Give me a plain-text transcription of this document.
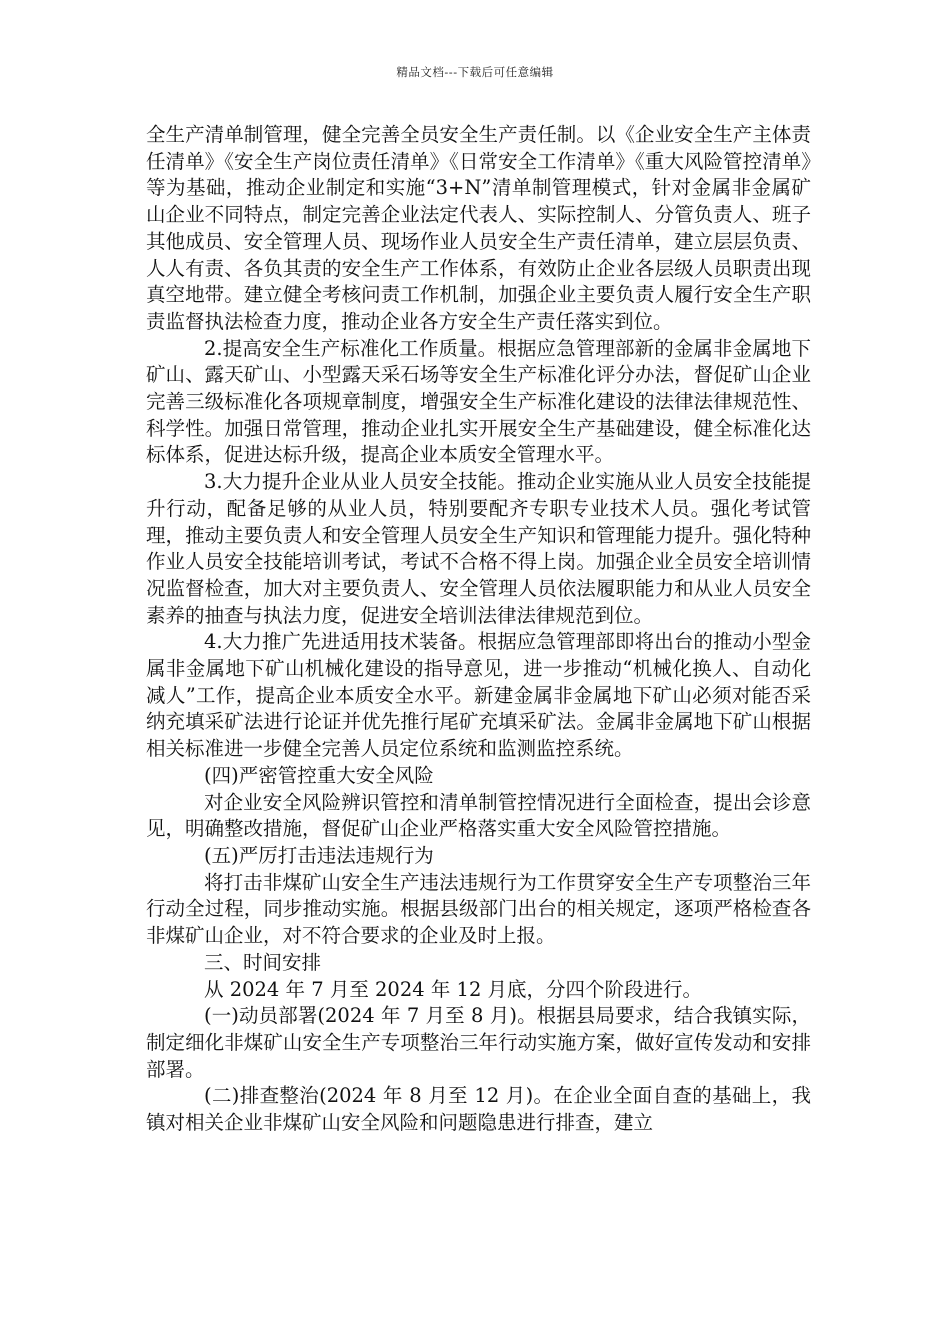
精品文档---下载后可任意编辑

全生产清单制管理，健全完善全员安全生产责任制。以《企业安全生产主体责任清单》《安全生产岗位责任清单》《日常安全工作清单》《重大风险管控清单》等为基础，推动企业制定和实施“3+N”清单制管理模式，针对金属非金属矿山企业不同特点，制定完善企业法定代表人、实际控制人、分管负责人、班子其他成员、安全管理人员、现场作业人员安全生产责任清单，建立层层负责、人人有责、各负其责的安全生产工作体系，有效防止企业各层级人员职责出现真空地带。建立健全考核问责工作机制，加强企业主要负责人履行安全生产职责监督执法检查力度，推动企业各方安全生产责任落实到位。

2.提高安全生产标准化工作质量。根据应急管理部新的金属非金属地下矿山、露天矿山、小型露天采石场等安全生产标准化评分办法，督促矿山企业完善三级标准化各项规章制度，增强安全生产标准化建设的法律法律规范性、科学性。加强日常管理，推动企业扎实开展安全生产基础建设，健全标准化达标体系，促进达标升级，提高企业本质安全管理水平。

3.大力提升企业从业人员安全技能。推动企业实施从业人员安全技能提升行动，配备足够的从业人员，特别要配齐专职专业技术人员。强化考试管理，推动主要负责人和安全管理人员安全生产知识和管理能力提升。强化特种作业人员安全技能培训考试，考试不合格不得上岗。加强企业全员安全培训情况监督检查，加大对主要负责人、安全管理人员依法履职能力和从业人员安全素养的抽查与执法力度，促进安全培训法律法律规范到位。

4.大力推广先进适用技术装备。根据应急管理部即将出台的推动小型金属非金属地下矿山机械化建设的指导意见，进一步推动“机械化换人、自动化减人”工作，提高企业本质安全水平。新建金属非金属地下矿山必须对能否采纳充填采矿法进行论证并优先推行尾矿充填采矿法。金属非金属地下矿山根据相关标准进一步健全完善人员定位系统和监测监控系统。

(四)严密管控重大安全风险

对企业安全风险辨识管控和清单制管控情况进行全面检查，提出会诊意见，明确整改措施，督促矿山企业严格落实重大安全风险管控措施。

(五)严厉打击违法违规行为

将打击非煤矿山安全生产违法违规行为工作贯穿安全生产专项整治三年行动全过程，同步推动实施。根据县级部门出台的相关规定，逐项严格检查各非煤矿山企业，对不符合要求的企业及时上报。

三、时间安排

从 2024 年 7 月至 2024 年 12 月底，分四个阶段进行。

(一)动员部署(2024 年 7 月至 8 月)。根据县局要求，结合我镇实际，制定细化非煤矿山安全生产专项整治三年行动实施方案，做好宣传发动和安排部署。

(二)排查整治(2024 年 8 月至 12 月)。在企业全面自查的基础上，我镇对相关企业非煤矿山安全风险和问题隐患进行排查，建立
